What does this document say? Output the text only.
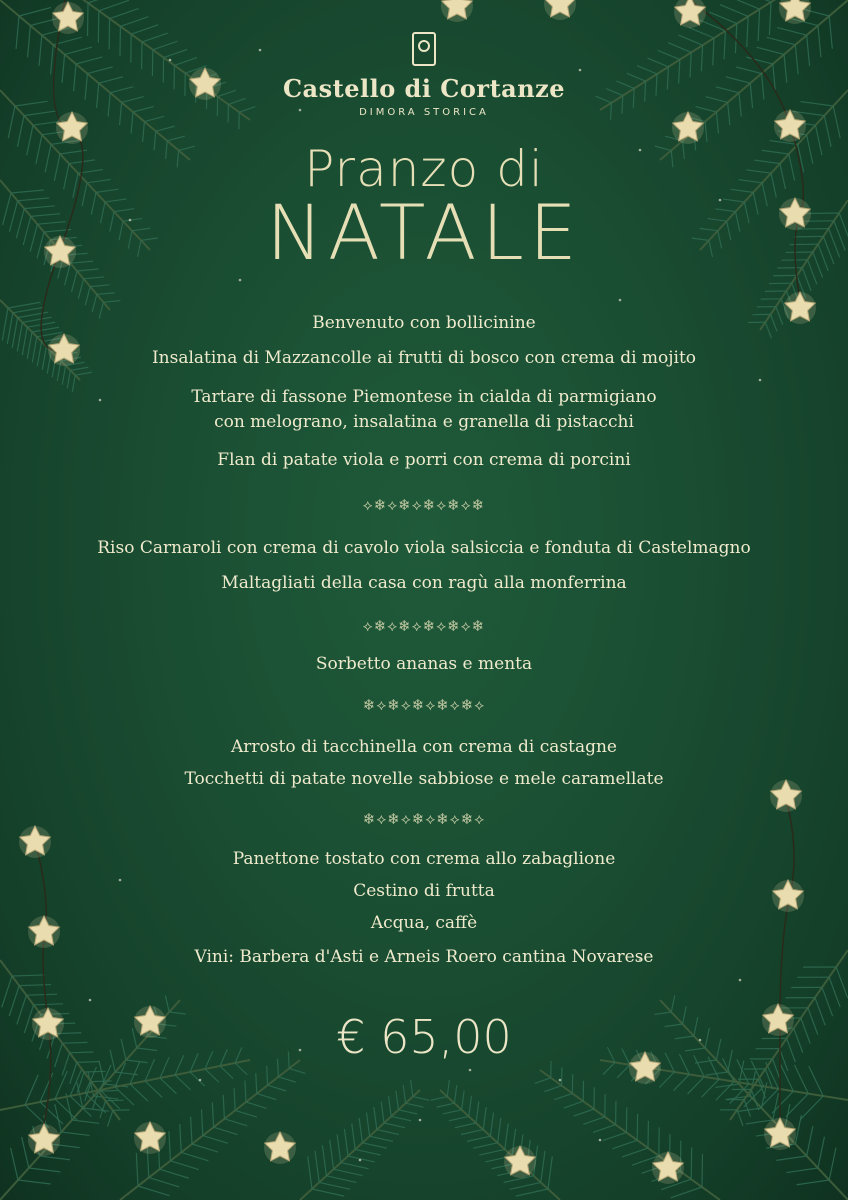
Castello di Cortanze
DIMORA STORICA
Pranzo di
NATALE
Benvenuto con bollicinine
Insalatina di Mazzancolle ai frutti di bosco con crema di mojito
Tartare di fassone Piemontese in cialda di parmigiano
con melograno, insalatina e granella di pistacchi
Flan di patate viola e porri con crema di porcini
⟡❄⟡❄⟡❄⟡❄⟡❄
Riso Carnaroli con crema di cavolo viola salsiccia e fonduta di Castelmagno
Maltagliati della casa con ragù alla monferrina
⟡❄⟡❄⟡❄⟡❄⟡❄
Sorbetto ananas e menta
❄⟡❄⟡❄⟡❄⟡❄⟡
Arrosto di tacchinella con crema di castagne
Tocchetti di patate novelle sabbiose e mele caramellate
❄⟡❄⟡❄⟡❄⟡❄⟡
Panettone tostato con crema allo zabaglione
Cestino di frutta
Acqua, caffè
Vini: Barbera d'Asti e Arneis Roero cantina Novarese
€ 65,00
